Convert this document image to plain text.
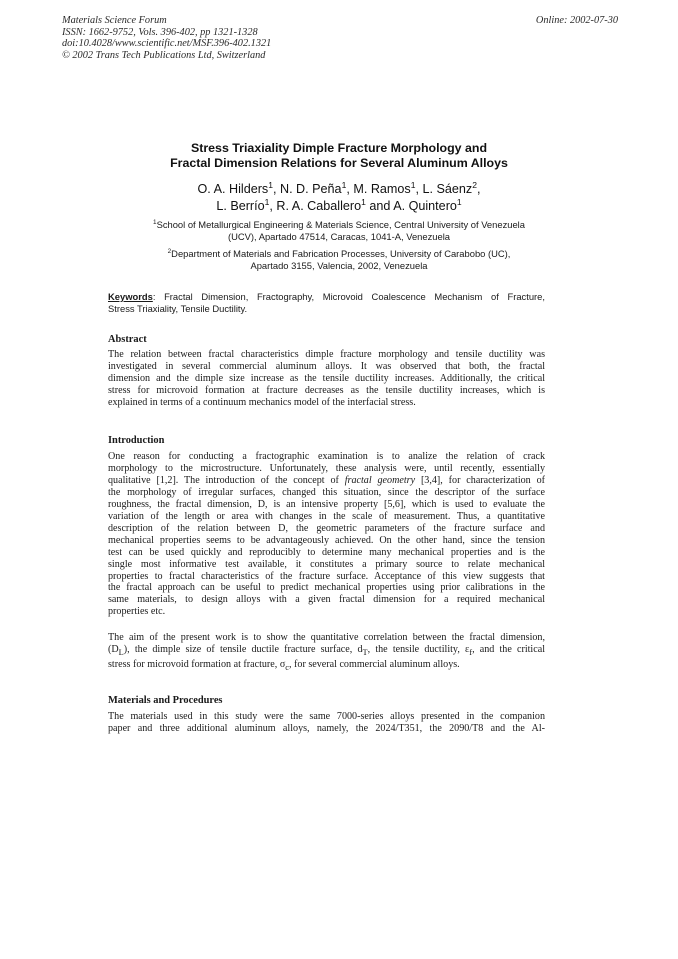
Materials Science Forum
ISSN: 1662-9752, Vols. 396-402, pp 1321-1328
doi:10.4028/www.scientific.net/MSF.396-402.1321
© 2002 Trans Tech Publications Ltd, Switzerland
Online: 2002-07-30
Stress Triaxiality Dimple Fracture Morphology and
Fractal Dimension Relations for Several Aluminum Alloys
O. A. Hilders$^1$, N. D. Peña$^1$, M. Ramos$^1$, L. Sáenz$^2$,
L. Berrío$^1$, R. A. Caballero$^1$ and A. Quintero$^1$
$^1$School of Metallurgical Engineering & Materials Science, Central University of Venezuela
(UCV), Apartado 47514, Caracas, 1041-A, Venezuela
$^2$Department of Materials and Fabrication Processes, University of Carabobo (UC),
Apartado 3155, Valencia, 2002, Venezuela
Keywords: Fractal Dimension, Fractography, Microvoid Coalescence Mechanism of Fracture,
Stress Triaxiality, Tensile Ductility.
Abstract
The relation between fractal characteristics dimple fracture morphology and tensile ductility was
investigated in several commercial aluminum alloys. It was observed that both, the fractal
dimension and the dimple size increase as the tensile ductility increases. Additionally, the critical
stress for microvoid formation at fracture decreases as the tensile ductility increases, which is
explained in terms of a continuum mechanics model of the interfacial stress.
Introduction
One reason for conducting a fractographic examination is to analize the relation of crack
morphology to the microstructure. Unfortunately, these analysis were, until recently, essentially
qualitative [1,2]. The introduction of the concept of fractal geometry [3,4], for characterization of
the morphology of irregular surfaces, changed this situation, since the descriptor of the surface
roughness, the fractal dimension, D, is an intensive property [5,6], which is used to evaluate the
variation of the length or area with changes in the scale of measurement. Thus, a quantitative
description of the relation between D, the geometric parameters of the fracture surface and
mechanical properties seems to be advantageously achieved. On the other hand, since the tension
test can be used quickly and reproducibly to determine many mechanical properties and is the
single most informative test available, it constitutes a primary source to relate mechanical
properties to fractal characteristics of the fracture surface. Acceptance of this view suggests that
the fractal approach can be useful to predict mechanical properties using prior calibrations in the
same materials, to design alloys with a given fractal dimension for a required mechanical
properties etc.
The aim of the present work is to show the quantitative correlation between the fractal dimension,
$(D_L)$, the dimple size of tensile ductile fracture surface, $d_T$, the tensile ductility, $\varepsilon_f$, and the critical
stress for microvoid formation at fracture, $\sigma_c$, for several commercial aluminum alloys.
Materials and Procedures
The materials used in this study were the same 7000-series alloys presented in the companion
paper and three additional aluminum alloys, namely, the 2024/T351, the 2090/T8 and the Al-
